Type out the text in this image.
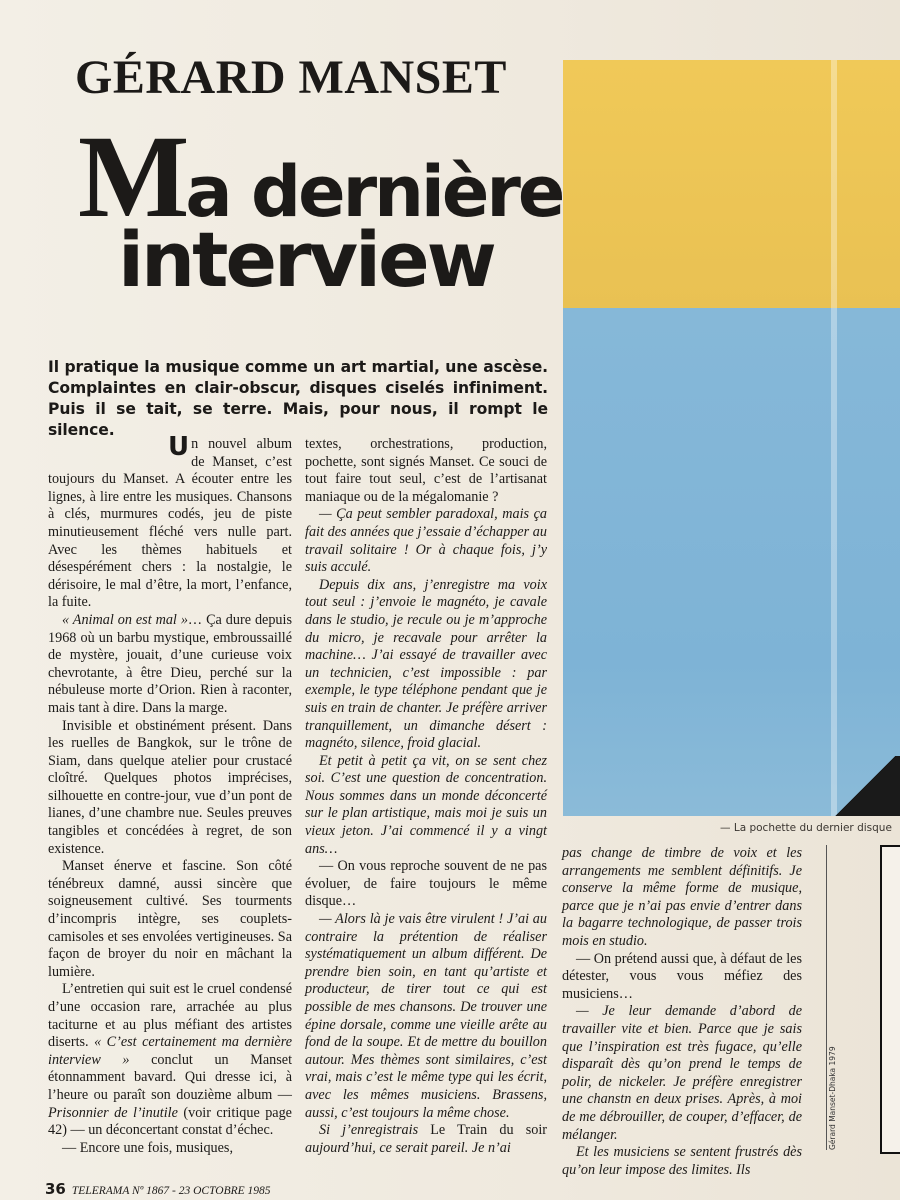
GÉRARD MANSET
Ma dernière
interview
Il pratique la musique comme un art martial, une ascèse. Complaintes en clair-obscur, disques ciselés infiniment. Puis il se tait, se terre. Mais, pour nous, il rompt le silence.

Un nouvel album de Manset, c’est toujours du Manset. A écouter entre les lignes, à lire entre les musiques. Chansons à clés, murmures codés, jeu de piste minutieusement fléché vers nulle part. Avec les thèmes habituels et désespérément chers : la nostalgie, le dérisoire, le mal d’être, la mort, l’enfance, la fuite.

« Animal on est mal »… Ça dure depuis 1968 où un barbu mystique, embroussaillé de mystère, jouait, d’une curieuse voix chevrotante, à être Dieu, perché sur la nébuleuse morte d’Orion. Rien à raconter, mais tant à dire. Dans la marge.

Invisible et obstinément présent. Dans les ruelles de Bangkok, sur le trône de Siam, dans quelque atelier pour crustacé cloîtré. Quelques photos imprécises, silhouette en contre-jour, vue d’un pont de lianes, d’une chambre nue. Seules preuves tangibles et concédées à regret, de son existence.

Manset énerve et fascine. Son côté ténébreux damné, aussi sincère que soigneusement cultivé. Ses tourments d’incompris intègre, ses couplets-camisoles et ses envolées vertigineuses. Sa façon de broyer du noir en mâchant la lumière.

L’entretien qui suit est le cruel condensé d’une occasion rare, arrachée au plus taciturne et au plus méfiant des artistes diserts. « C’est certainement ma dernière interview » conclut un Manset étonnamment bavard. Qui dresse ici, à l’heure ou paraît son douzième album — Prisonnier de l’inutile (voir critique page 42) — un déconcertant constat d’échec.

— Encore une fois, musiques,

textes, orchestrations, production, pochette, sont signés Manset. Ce souci de tout faire tout seul, c’est de l’artisanat maniaque ou de la mégalomanie ?

— Ça peut sembler paradoxal, mais ça fait des années que j’essaie d’échapper au travail solitaire ! Or à chaque fois, j’y suis acculé.

Depuis dix ans, j’enregistre ma voix tout seul : j’envoie le magnéto, je cavale dans le studio, je recule ou je m’approche du micro, je recavale pour arrêter la machine… J’ai essayé de travailler avec un technicien, c’est impossible : par exemple, le type téléphone pendant que je suis en train de chanter. Je préfère arriver tranquillement, un dimanche désert : magnéto, silence, froid glacial.

Et petit à petit ça vit, on se sent chez soi. C’est une question de concentration. Nous sommes dans un monde déconcerté sur le plan artistique, mais moi je suis un vieux jeton. J’ai commencé il y a vingt ans…

— On vous reproche souvent de ne pas évoluer, de faire toujours le même disque…

— Alors là je vais être virulent ! J’ai au contraire la prétention de réaliser systématiquement un album différent. De prendre bien soin, en tant qu’artiste et producteur, de tirer tout ce qui est possible de mes chansons. De trouver une épine dorsale, comme une vieille arête au fond de la soupe. Et de mettre du bouillon autour. Mes thèmes sont similaires, c’est vrai, mais c’est le même type qui les écrit, avec les mêmes musiciens. Brassens, aussi, c’est toujours la même chose.

Si j’enregistrais Le Train du soir aujourd’hui, ce serait pareil. Je n’ai

— La pochette du dernier disque

pas change de timbre de voix et les arrangements me semblent définitifs. Je conserve la même forme de musique, parce que je n’ai pas envie d’entrer dans la bagarre technologique, de passer trois mois en studio.

— On prétend aussi que, à défaut de les détester, vous vous méfiez des musiciens…

— Je leur demande d’abord de travailler vite et bien. Parce que je sais que l’inspiration est très fugace, qu’elle disparaît dès qu’on prend le temps de polir, de nickeler. Je préfère enregistrer une chanstn en deux prises. Après, à moi de me débrouiller, de couper, d’effacer, de mélanger.

Et les musiciens se sentent frustrés dès qu’on leur impose des limites. Ils

Gérard Manset-Dhaka 1979
36 TELERAMA Nº 1867 - 23 OCTOBRE 1985
